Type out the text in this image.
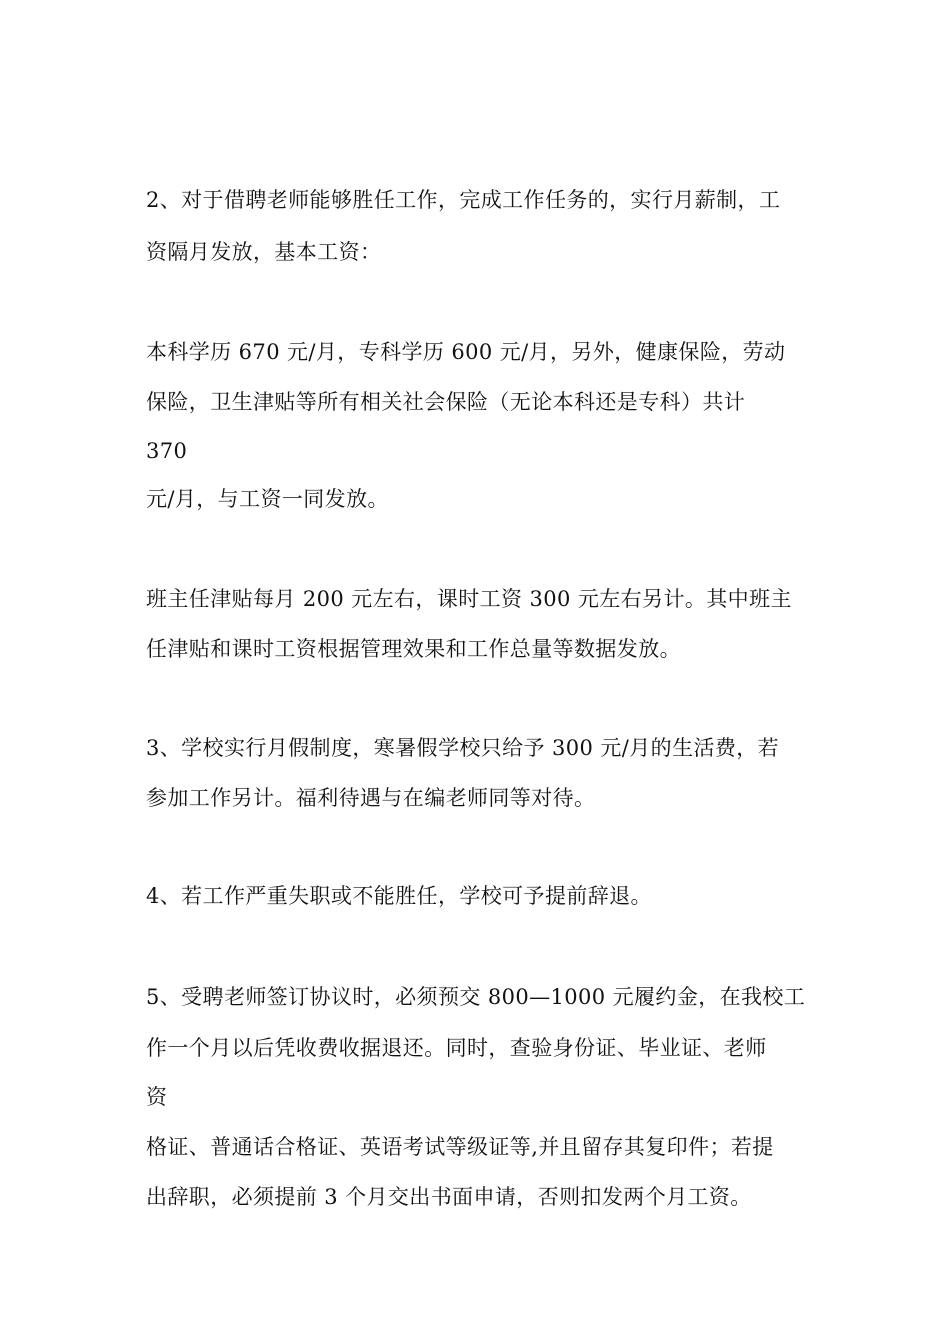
2、对于借聘老师能够胜任工作，完成工作任务的，实行月薪制，工
资隔月发放，基本工资：
本科学历 670 元/月，专科学历 600 元/月，另外，健康保险，劳动
保险，卫生津贴等所有相关社会保险（无论本科还是专科）共计
370
元/月，与工资一同发放。
班主任津贴每月 200 元左右，课时工资 300 元左右另计。其中班主
任津贴和课时工资根据管理效果和工作总量等数据发放。
3、学校实行月假制度，寒暑假学校只给予 300 元/月的生活费，若
参加工作另计。福利待遇与在编老师同等对待。
4、若工作严重失职或不能胜任，学校可予提前辞退。
5、受聘老师签订协议时，必须预交 800—1000 元履约金，在我校工
作一个月以后凭收费收据退还。同时，查验身份证、毕业证、老师
资
格证、普通话合格证、英语考试等级证等,并且留存其复印件；若提
出辞职，必须提前 3 个月交出书面申请，否则扣发两个月工资。
